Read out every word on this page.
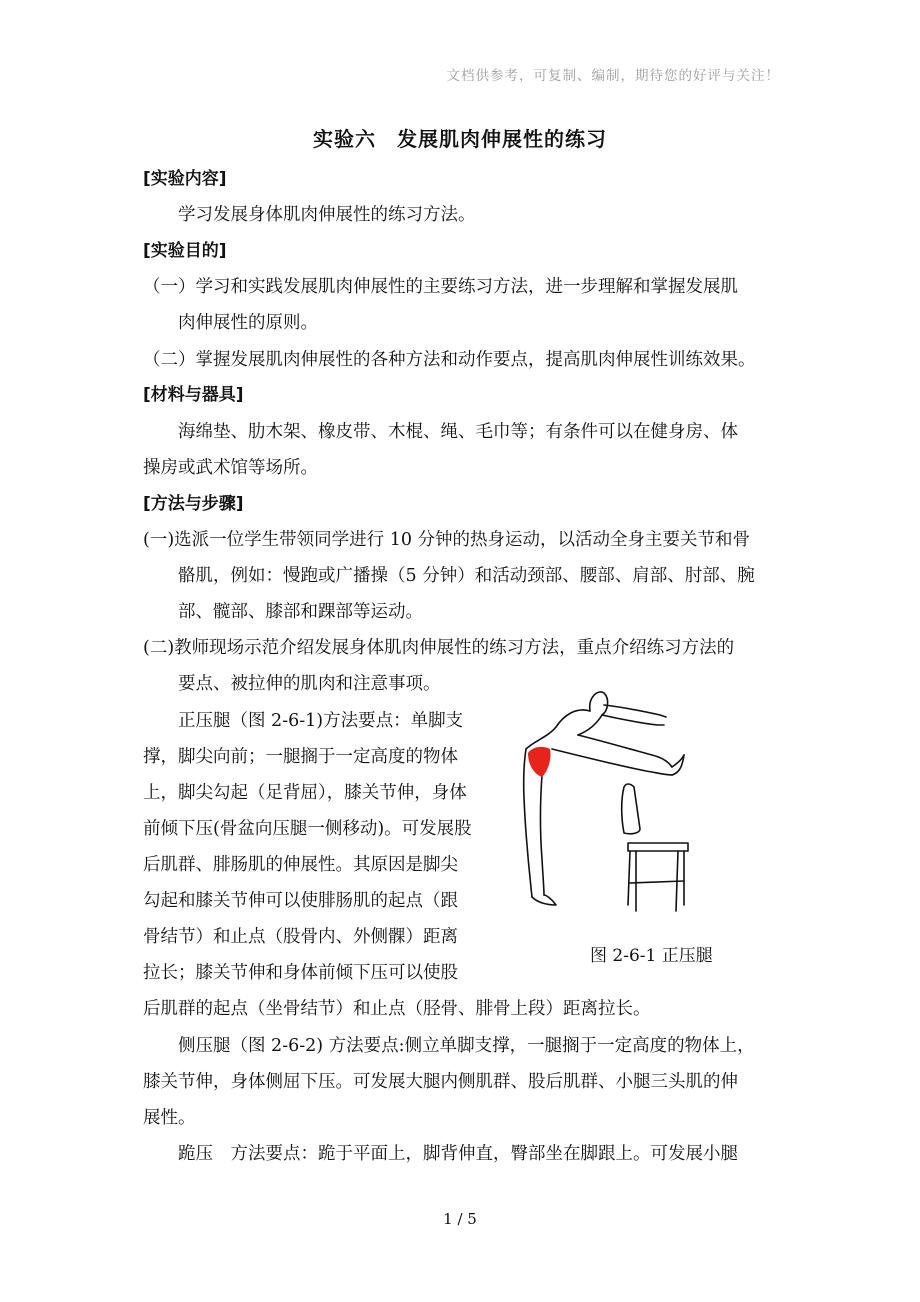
文档供参考，可复制、编制，期待您的好评与关注！
实验六　发展肌肉伸展性的练习
[实验内容]
学习发展身体肌肉伸展性的练习方法。
[实验目的]
（一）学习和实践发展肌肉伸展性的主要练习方法，进一步理解和掌握发展肌
肉伸展性的原则。
（二）掌握发展肌肉伸展性的各种方法和动作要点，提高肌肉伸展性训练效果。
[材料与器具]
海绵垫、肋木架、橡皮带、木棍、绳、毛巾等；有条件可以在健身房、体
操房或武术馆等场所。
[方法与步骤]
(一)选派一位学生带领同学进行 10 分钟的热身运动，以活动全身主要关节和骨
骼肌，例如：慢跑或广播操（5 分钟）和活动颈部、腰部、肩部、肘部、腕
部、髋部、膝部和踝部等运动。
(二)教师现场示范介绍发展身体肌肉伸展性的练习方法，重点介绍练习方法的
要点、被拉伸的肌肉和注意事项。
正压腿（图 2-6-1)方法要点：单脚支
撑，脚尖向前；一腿搁于一定高度的物体
上，脚尖勾起（足背屈），膝关节伸，身体
前倾下压(骨盆向压腿一侧移动)。可发展股
后肌群、腓肠肌的伸展性。其原因是脚尖
勾起和膝关节伸可以使腓肠肌的起点（跟
骨结节）和止点（股骨内、外侧髁）距离
拉长；膝关节伸和身体前倾下压可以使股
后肌群的起点（坐骨结节）和止点（胫骨、腓骨上段）距离拉长。
侧压腿（图 2-6-2) 方法要点:侧立单脚支撑，一腿搁于一定高度的物体上，
膝关节伸，身体侧屈下压。可发展大腿内侧肌群、股后肌群、小腿三头肌的伸
展性。
跪压　方法要点：跪于平面上，脚背伸直，臀部坐在脚跟上。可发展小腿
图 2-6-1 正压腿
1 / 5
